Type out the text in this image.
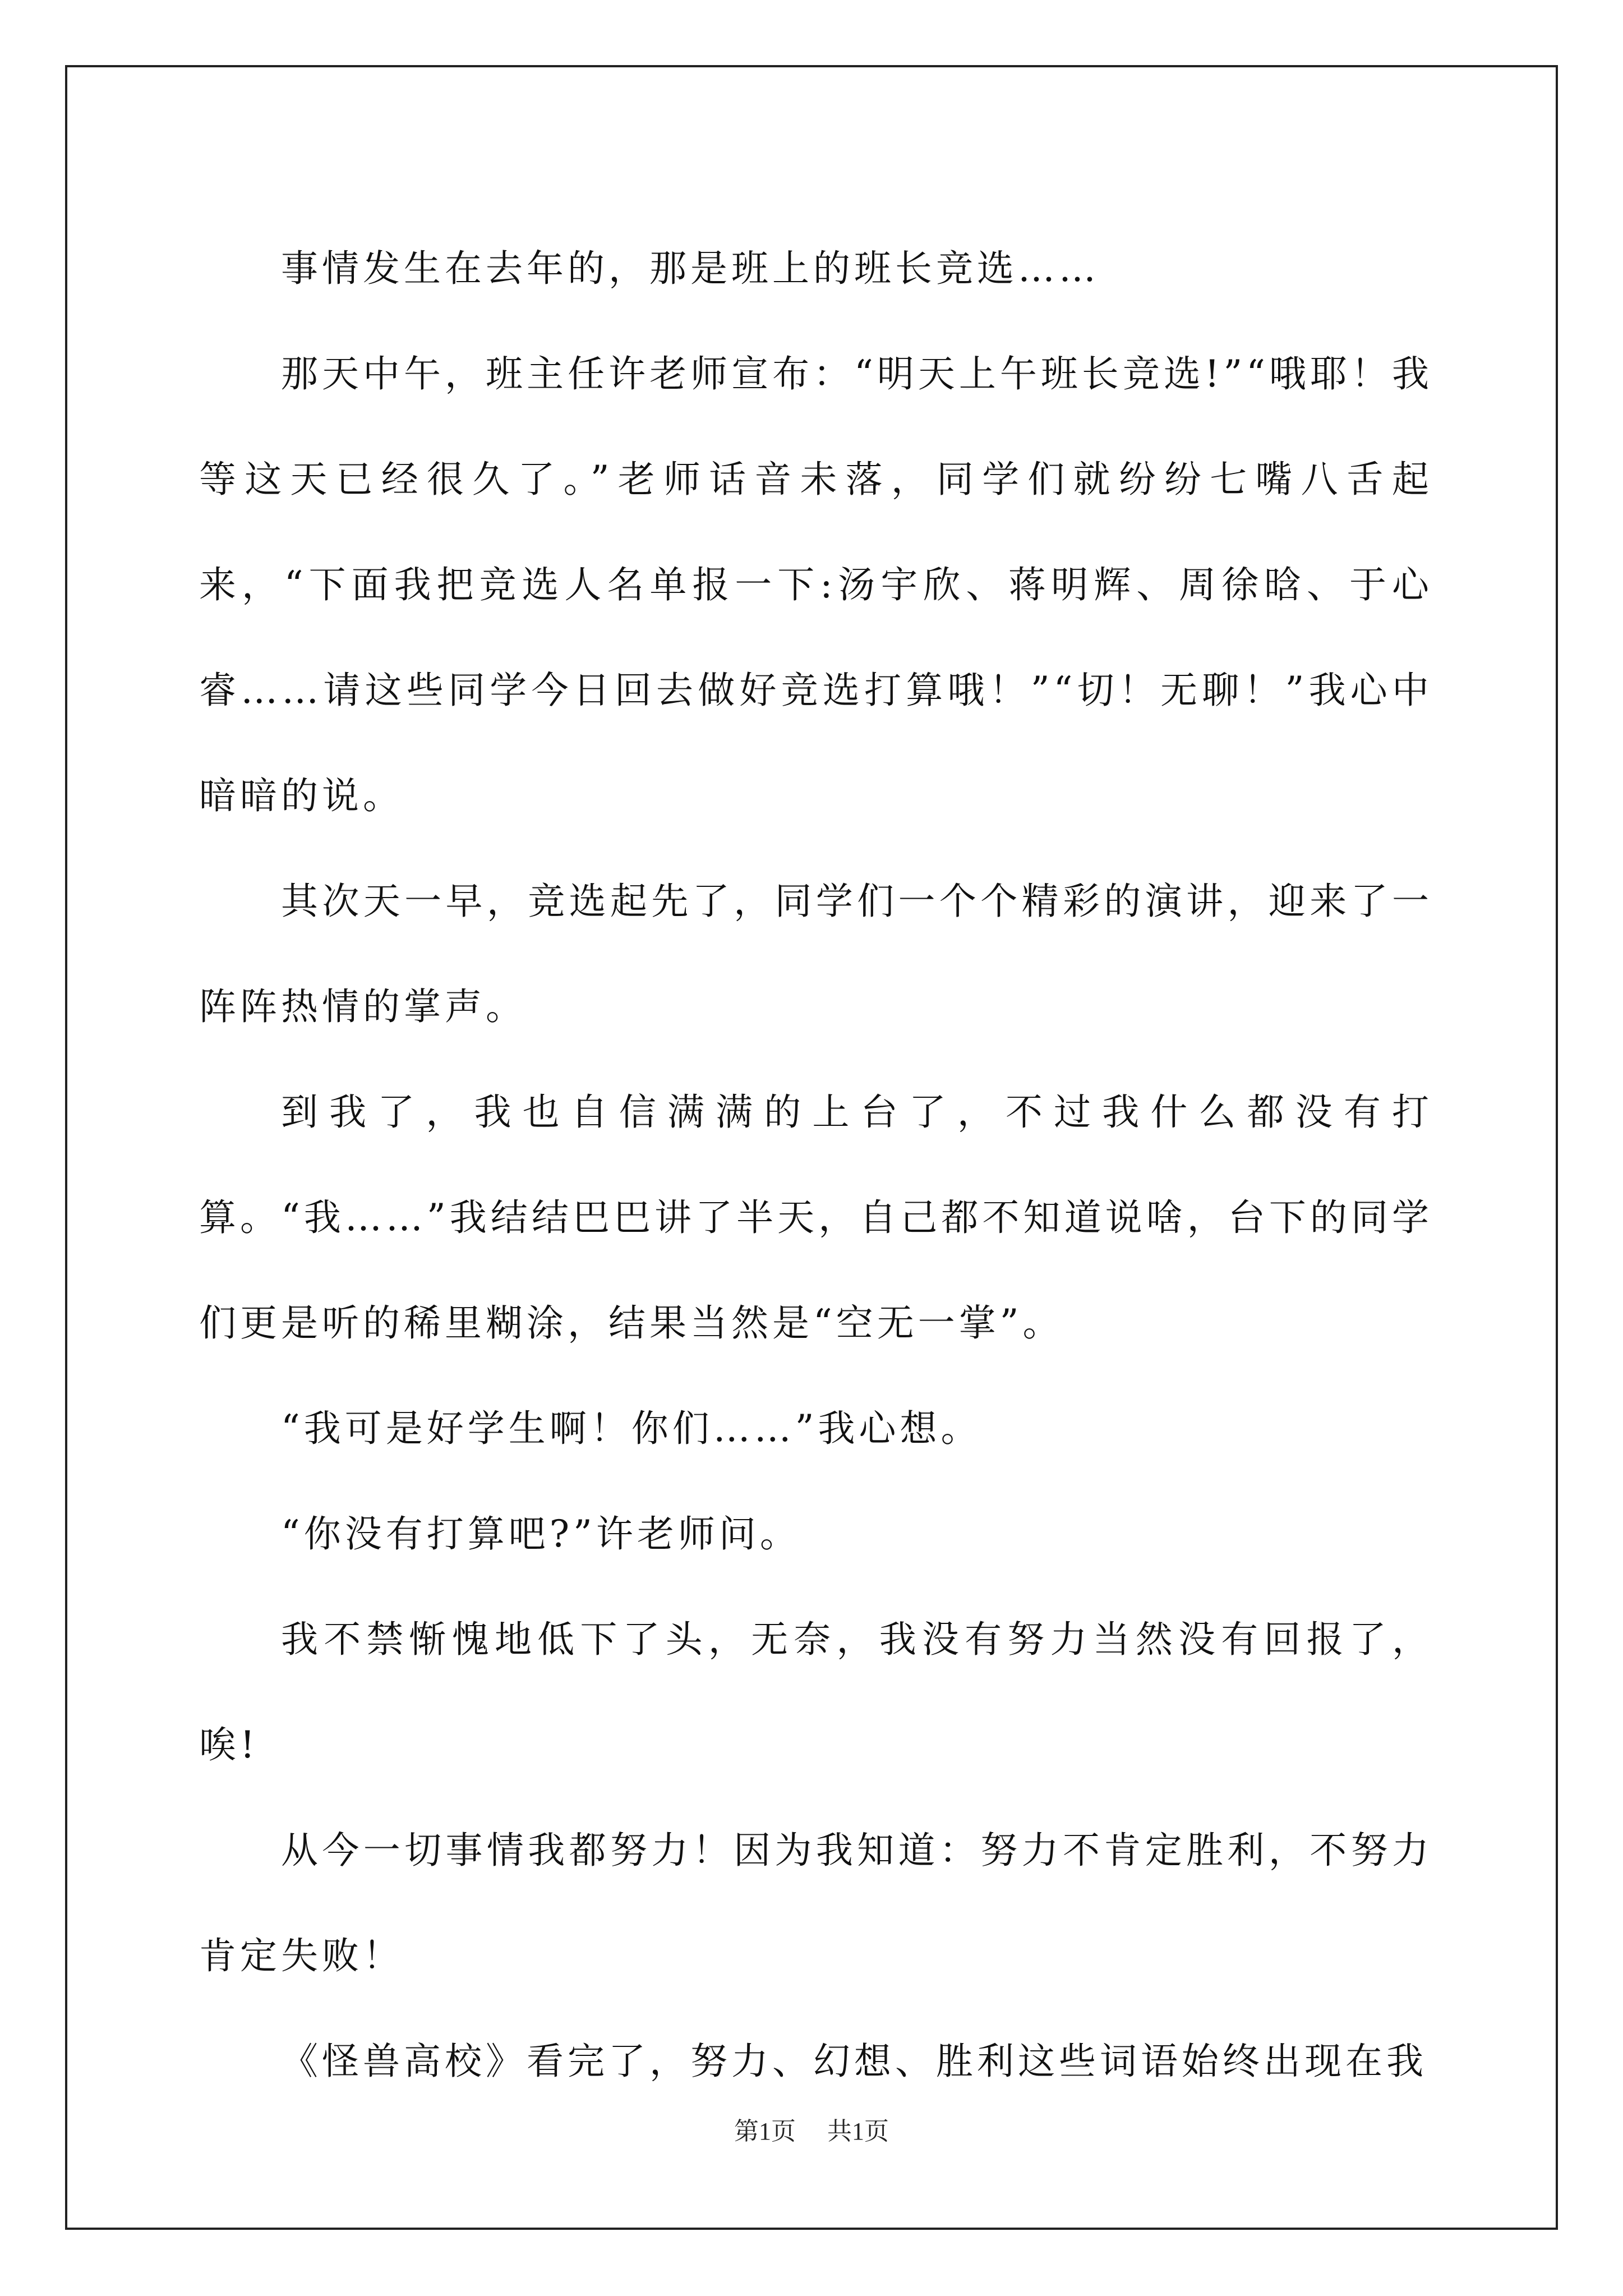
事情发生在去年的，那是班上的班长竞选……

那天中午，班主任许老师宣布：“明天上午班长竞选!”“哦耶！我等这天已经很久了。”老师话音未落，同学们就纷纷七嘴八舌起来，“下面我把竞选人名单报一下:汤宇欣、蒋明辉、周徐晗、于心睿……请这些同学今日回去做好竞选打算哦！”“切！无聊！”我心中暗暗的说。

其次天一早，竞选起先了，同学们一个个精彩的演讲，迎来了一阵阵热情的掌声。

到我了，我也自信满满的上台了，不过我什么都没有打算。“我……”我结结巴巴讲了半天，自己都不知道说啥，台下的同学们更是听的稀里糊涂，结果当然是“空无一掌”。

“我可是好学生啊！你们……”我心想。

“你没有打算吧?”许老师问。

我不禁惭愧地低下了头，无奈，我没有努力当然没有回报了，唉!

从今一切事情我都努力！因为我知道：努力不肯定胜利，不努力肯定失败！

《怪兽高校》看完了，努力、幻想、胜利这些词语始终出现在我

第1页 共1页
